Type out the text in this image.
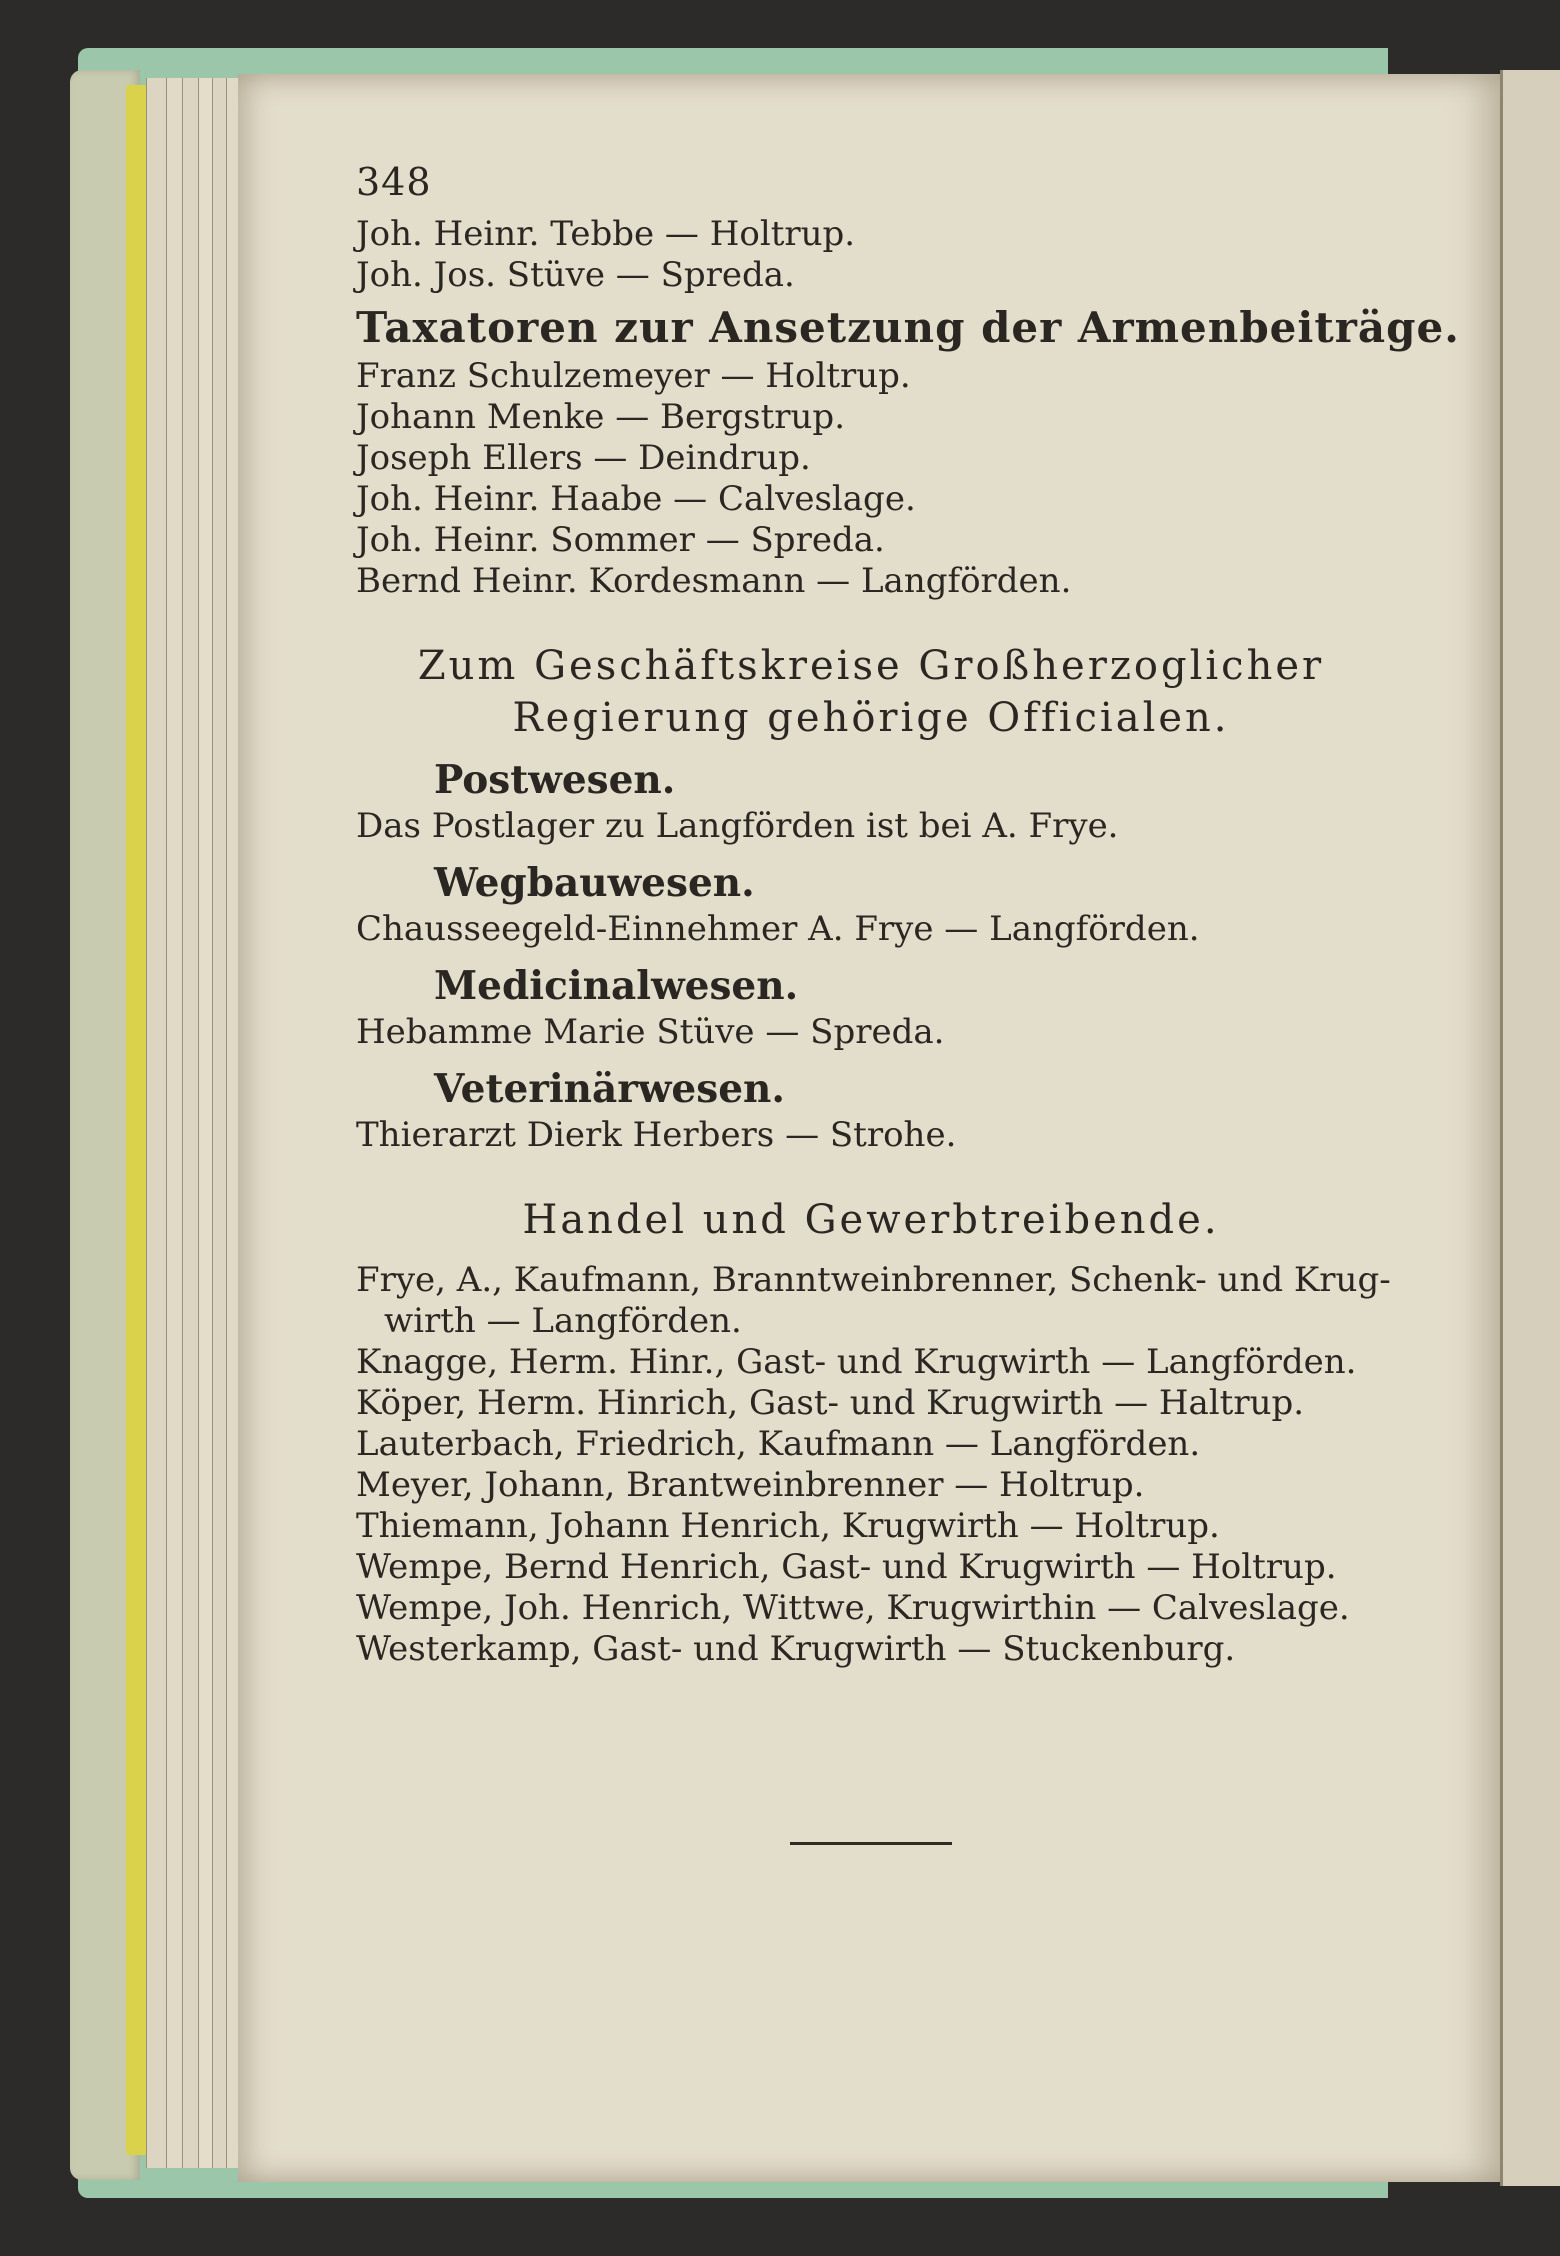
348
Joh. Heinr. Tebbe — Holtrup.
Joh. Jos. Stüve — Spreda.
Taxatoren zur Ansetzung der Armenbeiträge.
Franz Schulzemeyer — Holtrup.
Johann Menke — Bergstrup.
Joseph Ellers — Deindrup.
Joh. Heinr. Haabe — Calveslage.
Joh. Heinr. Sommer — Spreda.
Bernd Heinr. Kordesmann — Langförden.
Zum Geschäftskreise Großherzoglicher
Regierung gehörige Officialen.
Postwesen.
Das Postlager zu Langförden ist bei A. Frye.
Wegbauwesen.
Chausseegeld-Einnehmer A. Frye — Langförden.
Medicinalwesen.
Hebamme Marie Stüve — Spreda.
Veterinärwesen.
Thierarzt Dierk Herbers — Strohe.
Handel und Gewerbtreibende.
Frye, A., Kaufmann, Branntweinbrenner, Schenk- und Krug-
wirth — Langförden.
Knagge, Herm. Hinr., Gast- und Krugwirth — Langförden.
Köper, Herm. Hinrich, Gast- und Krugwirth — Haltrup.
Lauterbach, Friedrich, Kaufmann — Langförden.
Meyer, Johann, Brantweinbrenner — Holtrup.
Thiemann, Johann Henrich, Krugwirth — Holtrup.
Wempe, Bernd Henrich, Gast- und Krugwirth — Holtrup.
Wempe, Joh. Henrich, Wittwe, Krugwirthin — Calveslage.
Westerkamp, Gast- und Krugwirth — Stuckenburg.
